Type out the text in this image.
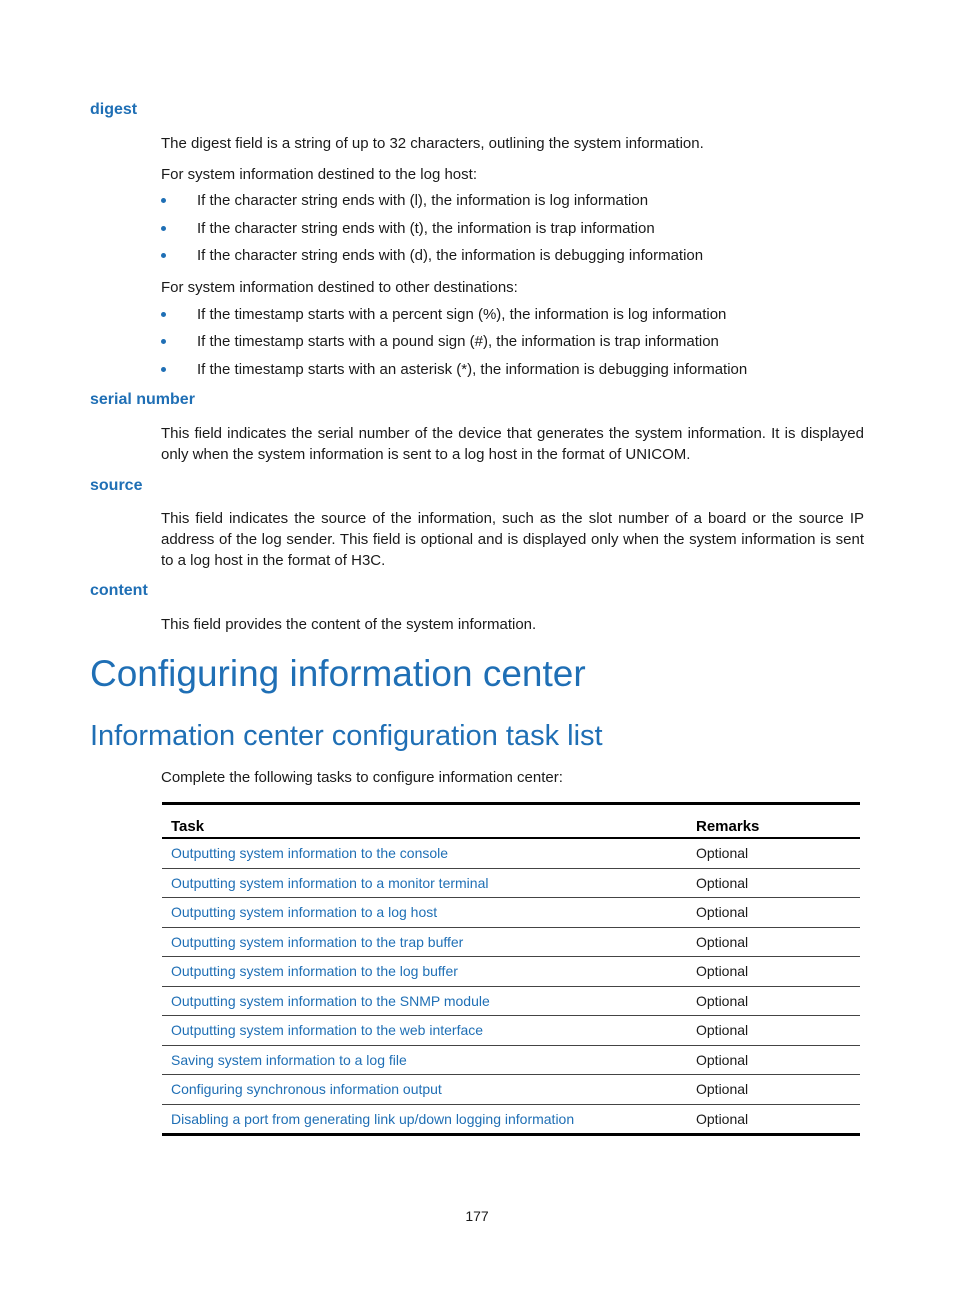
digest

The digest field is a string of up to 32 characters, outlining the system information.

For system information destined to the log host:

If the character string ends with (l), the information is log information
If the character string ends with (t), the information is trap information
If the character string ends with (d), the information is debugging information

For system information destined to other destinations:

If the timestamp starts with a percent sign (%), the information is log information
If the timestamp starts with a pound sign (#), the information is trap information
If the timestamp starts with an asterisk (*), the information is debugging information
serial number

This field indicates the serial number of the device that generates the system information. It is displayed only when the system information is sent to a log host in the format of UNICOM.

source

This field indicates the source of the information, such as the slot number of a board or the source IP address of the log sender. This field is optional and is displayed only when the system information is sent to a log host in the format of H3C.

content

This field provides the content of the system information.

Configuring information center
Information center configuration task list

Complete the following tasks to configure information center:

Task	Remarks
Outputting system information to the console	Optional
Outputting system information to a monitor terminal	Optional
Outputting system information to a log host	Optional
Outputting system information to the trap buffer	Optional
Outputting system information to the log buffer	Optional
Outputting system information to the SNMP module	Optional
Outputting system information to the web interface	Optional
Saving system information to a log file	Optional
Configuring synchronous information output	Optional
Disabling a port from generating link up/down logging information	Optional
177
